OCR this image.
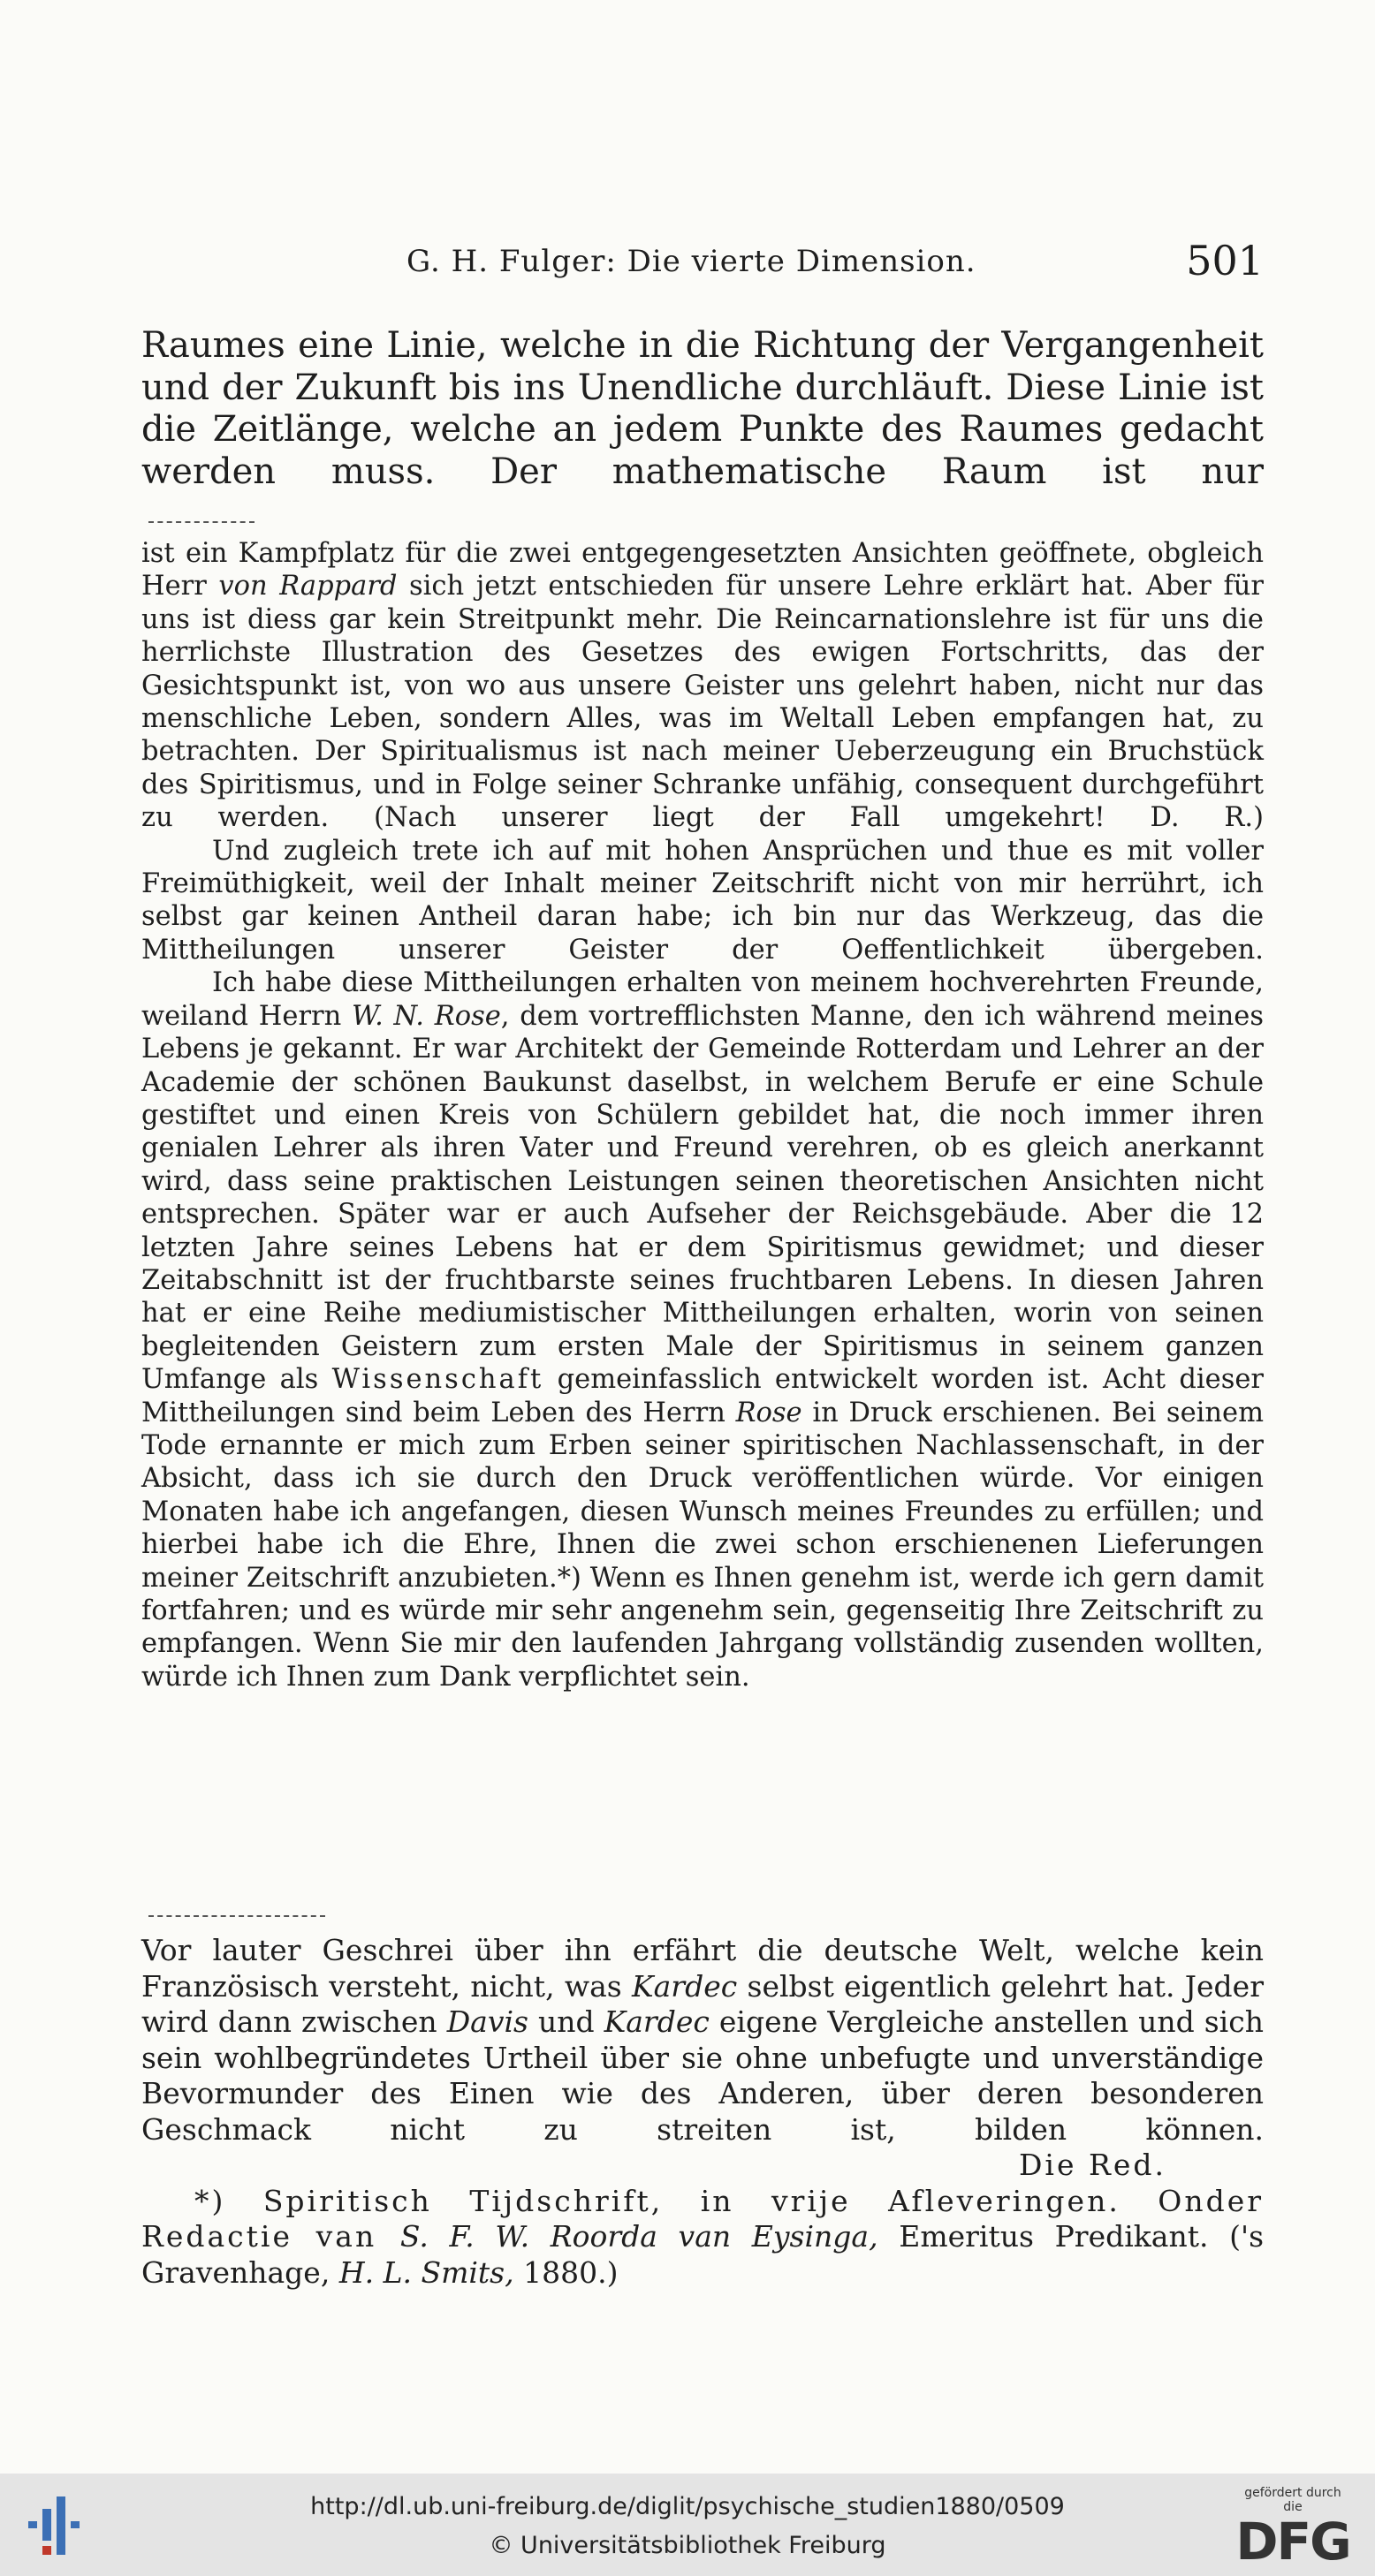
G. H. Fulger: Die vierte Dimension.	501

Raumes eine Linie, welche in die Richtung der Vergangenheit und der Zukunft bis ins Unendliche durchläuft. Diese Linie ist die Zeitlänge, welche an jedem Punkte des Raumes gedacht werden muss. Der mathematische Raum ist nur

ist ein Kampfplatz für die zwei entgegengesetzten Ansichten geöffnete, obgleich Herr von Rappard sich jetzt entschieden für unsere Lehre erklärt hat. Aber für uns ist diess gar kein Streitpunkt mehr. Die Reincarnationslehre ist für uns die herrlichste Illustration des Gesetzes des ewigen Fortschritts, das der Gesichtspunkt ist, von wo aus unsere Geister uns gelehrt haben, nicht nur das menschliche Leben, sondern Alles, was im Weltall Leben empfangen hat, zu betrachten. Der Spiritualismus ist nach meiner Ueberzeugung ein Bruchstück des Spiritismus, und in Folge seiner Schranke unfähig, consequent durchgeführt zu werden. (Nach unserer liegt der Fall umgekehrt! D. R.)

Und zugleich trete ich auf mit hohen Ansprüchen und thue es mit voller Freimüthigkeit, weil der Inhalt meiner Zeitschrift nicht von mir herrührt, ich selbst gar keinen Antheil daran habe; ich bin nur das Werkzeug, das die Mittheilungen unserer Geister der Oeffentlichkeit übergeben.

Ich habe diese Mittheilungen erhalten von meinem hochverehrten Freunde, weiland Herrn W. N. Rose, dem vortrefflichsten Manne, den ich während meines Lebens je gekannt. Er war Architekt der Gemeinde Rotterdam und Lehrer an der Academie der schönen Baukunst daselbst, in welchem Berufe er eine Schule gestiftet und einen Kreis von Schülern gebildet hat, die noch immer ihren genialen Lehrer als ihren Vater und Freund verehren, ob es gleich anerkannt wird, dass seine praktischen Leistungen seinen theoretischen Ansichten nicht entsprechen. Später war er auch Aufseher der Reichsgebäude. Aber die 12 letzten Jahre seines Lebens hat er dem Spiritismus gewidmet; und dieser Zeitabschnitt ist der fruchtbarste seines fruchtbaren Lebens. In diesen Jahren hat er eine Reihe mediumistischer Mittheilungen erhalten, worin von seinen begleitenden Geistern zum ersten Male der Spiritismus in seinem ganzen Umfange als Wissenschaft gemeinfasslich entwickelt worden ist. Acht dieser Mittheilungen sind beim Leben des Herrn Rose in Druck erschienen. Bei seinem Tode ernannte er mich zum Erben seiner spiritischen Nachlassenschaft, in der Absicht, dass ich sie durch den Druck veröffentlichen würde. Vor einigen Monaten habe ich angefangen, diesen Wunsch meines Freundes zu erfüllen; und hierbei habe ich die Ehre, Ihnen die zwei schon erschienenen Lieferungen meiner Zeitschrift anzubieten.*) Wenn es Ihnen genehm ist, werde ich gern damit fortfahren; und es würde mir sehr angenehm sein, gegenseitig Ihre Zeitschrift zu empfangen. Wenn Sie mir den laufenden Jahrgang vollständig zusenden wollten, würde ich Ihnen zum Dank verpflichtet sein.

Vor lauter Geschrei über ihn erfährt die deutsche Welt, welche kein Französisch versteht, nicht, was Kardec selbst eigentlich gelehrt hat. Jeder wird dann zwischen Davis und Kardec eigene Vergleiche anstellen und sich sein wohlbegründetes Urtheil über sie ohne unbefugte und unverständige Bevormunder des Einen wie des Anderen, über deren besonderen Geschmack nicht zu streiten ist, bilden können.

Die Red.

*) Spiritisch Tijdschrift, in vrije Afleveringen. Onder Redactie van S. F. W. Roorda van Eysinga, Emeritus Predikant. ('s Gravenhage, H. L. Smits, 1880.)

http://dl.ub.uni-freiburg.de/diglit/psychische_studien1880/0509
© Universitätsbibliothek Freiburg
gefördert durch die
DFG
